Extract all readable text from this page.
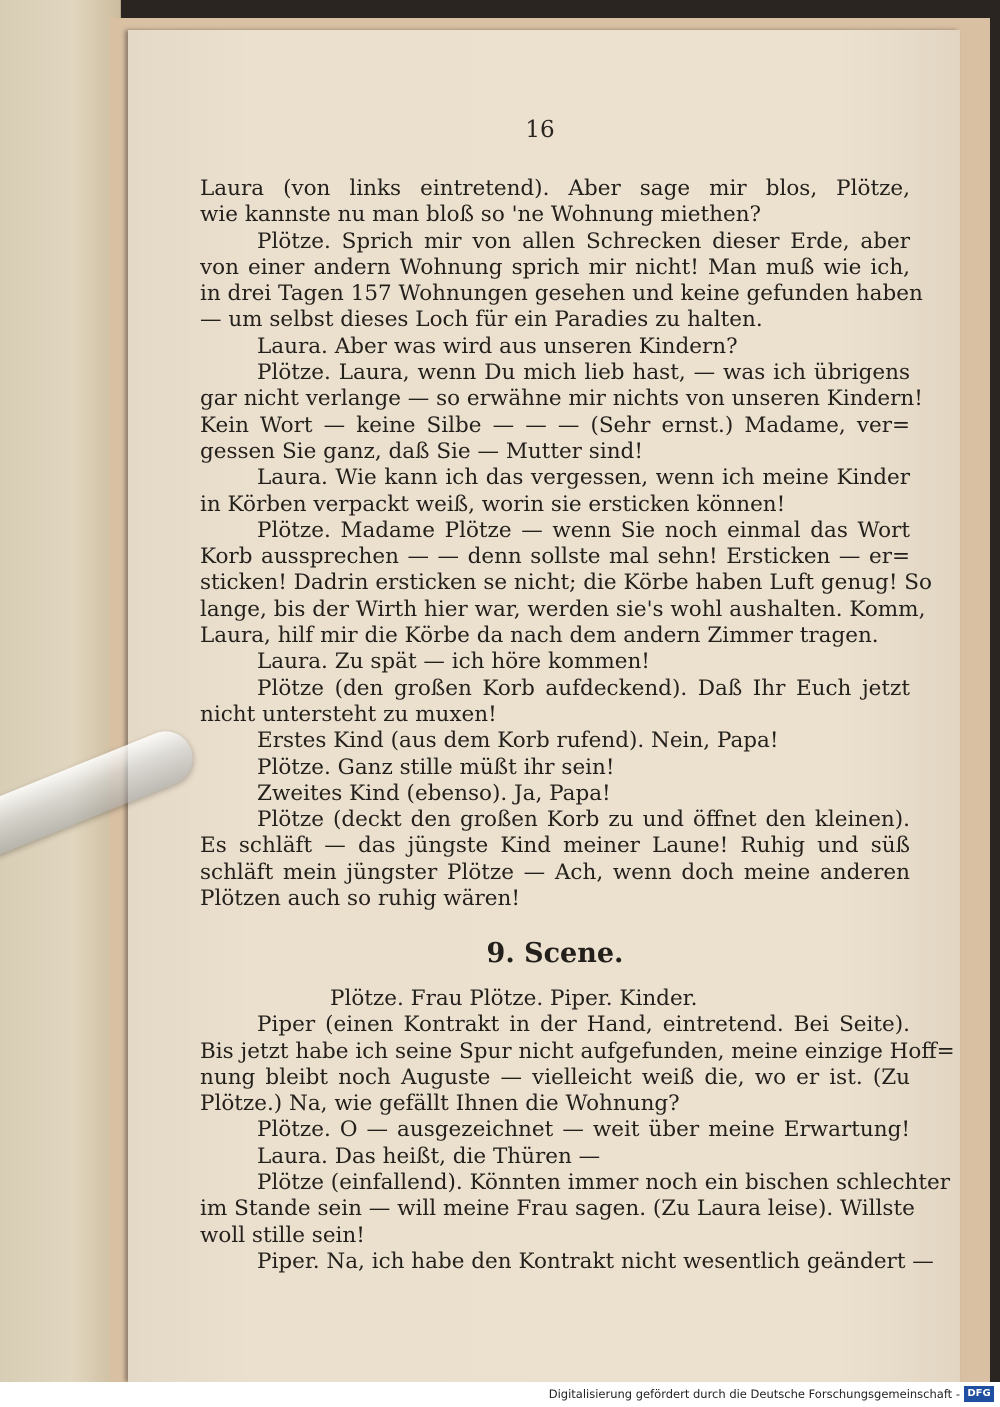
16
Laura (von links eintretend). Aber sage mir blos, Plötze,
wie kannste nu man bloß so 'ne Wohnung miethen?
Plötze. Sprich mir von allen Schrecken dieser Erde, aber
von einer andern Wohnung sprich mir nicht! Man muß wie ich,
in drei Tagen 157 Wohnungen gesehen und keine gefunden haben
— um selbst dieses Loch für ein Paradies zu halten.
Laura. Aber was wird aus unseren Kindern?
Plötze. Laura, wenn Du mich lieb hast, — was ich übrigens
gar nicht verlange — so erwähne mir nichts von unseren Kindern!
Kein Wort — keine Silbe — — — (Sehr ernst.) Madame, ver=
gessen Sie ganz, daß Sie — Mutter sind!
Laura. Wie kann ich das vergessen, wenn ich meine Kinder
in Körben verpackt weiß, worin sie ersticken können!
Plötze. Madame Plötze — wenn Sie noch einmal das Wort
Korb aussprechen — — denn sollste mal sehn! Ersticken — er=
sticken! Dadrin ersticken se nicht; die Körbe haben Luft genug! So
lange, bis der Wirth hier war, werden sie's wohl aushalten. Komm,
Laura, hilf mir die Körbe da nach dem andern Zimmer tragen.
Laura. Zu spät — ich höre kommen!
Plötze (den großen Korb aufdeckend). Daß Ihr Euch jetzt
nicht untersteht zu muxen!
Erstes Kind (aus dem Korb rufend). Nein, Papa!
Plötze. Ganz stille müßt ihr sein!
Zweites Kind (ebenso). Ja, Papa!
Plötze (deckt den großen Korb zu und öffnet den kleinen).
Es schläft — das jüngste Kind meiner Laune! Ruhig und süß
schläft mein jüngster Plötze — Ach, wenn doch meine anderen
Plötzen auch so ruhig wären!
9. Scene.
Plötze. Frau Plötze. Piper. Kinder.
Piper (einen Kontrakt in der Hand, eintretend. Bei Seite).
Bis jetzt habe ich seine Spur nicht aufgefunden, meine einzige Hoff=
nung bleibt noch Auguste — vielleicht weiß die, wo er ist. (Zu
Plötze.) Na, wie gefällt Ihnen die Wohnung?
Plötze. O — ausgezeichnet — weit über meine Erwartung!
Laura. Das heißt, die Thüren —
Plötze (einfallend). Könnten immer noch ein bischen schlechter
im Stande sein — will meine Frau sagen. (Zu Laura leise). Willste
woll stille sein!
Piper. Na, ich habe den Kontrakt nicht wesentlich geändert —
Digitalisierung gefördert durch die Deutsche Forschungsgemeinschaft - DFG
